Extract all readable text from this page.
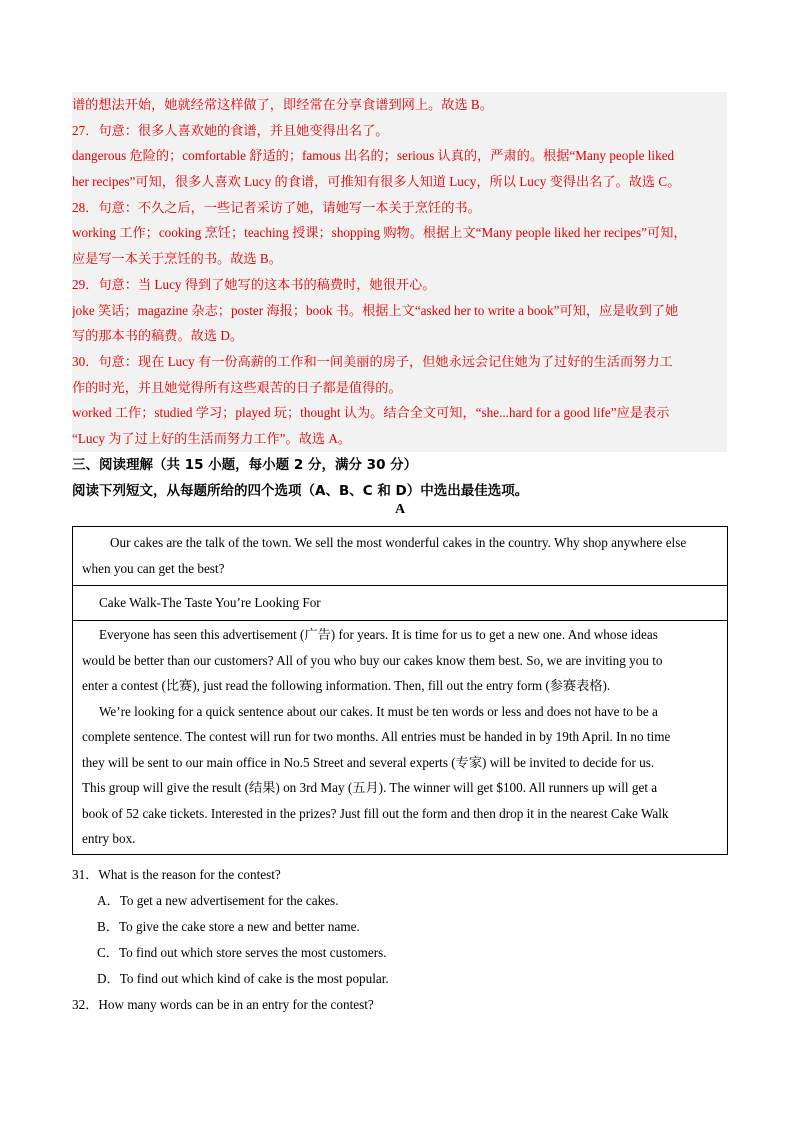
谱的想法开始，她就经常这样做了，即经常在分享食谱到网上。故选 B。
27．句意：很多人喜欢她的食谱，并且她变得出名了。
dangerous 危险的；comfortable 舒适的；famous 出名的；serious 认真的，严肃的。根据“Many people liked
her recipes”可知，很多人喜欢 Lucy 的食谱，可推知有很多人知道 Lucy，所以 Lucy 变得出名了。故选 C。
28．句意：不久之后，一些记者采访了她，请她写一本关于烹饪的书。
working 工作；cooking 烹饪；teaching 授课；shopping 购物。根据上文“Many people liked her recipes”可知，
应是写一本关于烹饪的书。故选 B。
29．句意：当 Lucy 得到了她写的这本书的稿费时，她很开心。
joke 笑话；magazine 杂志；poster 海报；book 书。根据上文“asked her to write a book”可知，应是收到了她
写的那本书的稿费。故选 D。
30．句意：现在 Lucy 有一份高薪的工作和一间美丽的房子，但她永远会记住她为了过好的生活而努力工
作的时光，并且她觉得所有这些艰苦的日子都是值得的。
worked 工作；studied 学习；played 玩；thought 认为。结合全文可知，“she...hard for a good life”应是表示
“Lucy 为了过上好的生活而努力工作”。故选 A。
三、阅读理解（共 15 小题，每小题 2 分，满分 30 分）
阅读下列短文，从每题所给的四个选项（A、B、C 和 D）中选出最佳选项。
A
Our cakes are the talk of the town. We sell the most wonderful cakes in the country. Why shop anywhere else
when you can get the best?
Cake Walk-The Taste You’re Looking For
Everyone has seen this advertisement (广告) for years. It is time for us to get a new one. And whose ideas
would be better than our customers? All of you who buy our cakes know them best. So, we are inviting you to
enter a contest (比赛), just read the following information. Then, fill out the entry form (参赛表格).
We’re looking for a quick sentence about our cakes. It must be ten words or less and does not have to be a
complete sentence. The contest will run for two months. All entries must be handed in by 19th April. In no time
they will be sent to our main office in No.5 Street and several experts (专家) will be invited to decide for us.
This group will give the result (结果) on 3rd May (五月). The winner will get $100. All runners up will get a
book of 52 cake tickets. Interested in the prizes? Just fill out the form and then drop it in the nearest Cake Walk
entry box.
31．What is the reason for the contest?
A．To get a new advertisement for the cakes.
B．To give the cake store a new and better name.
C．To find out which store serves the most customers.
D．To find out which kind of cake is the most popular.
32．How many words can be in an entry for the contest?
